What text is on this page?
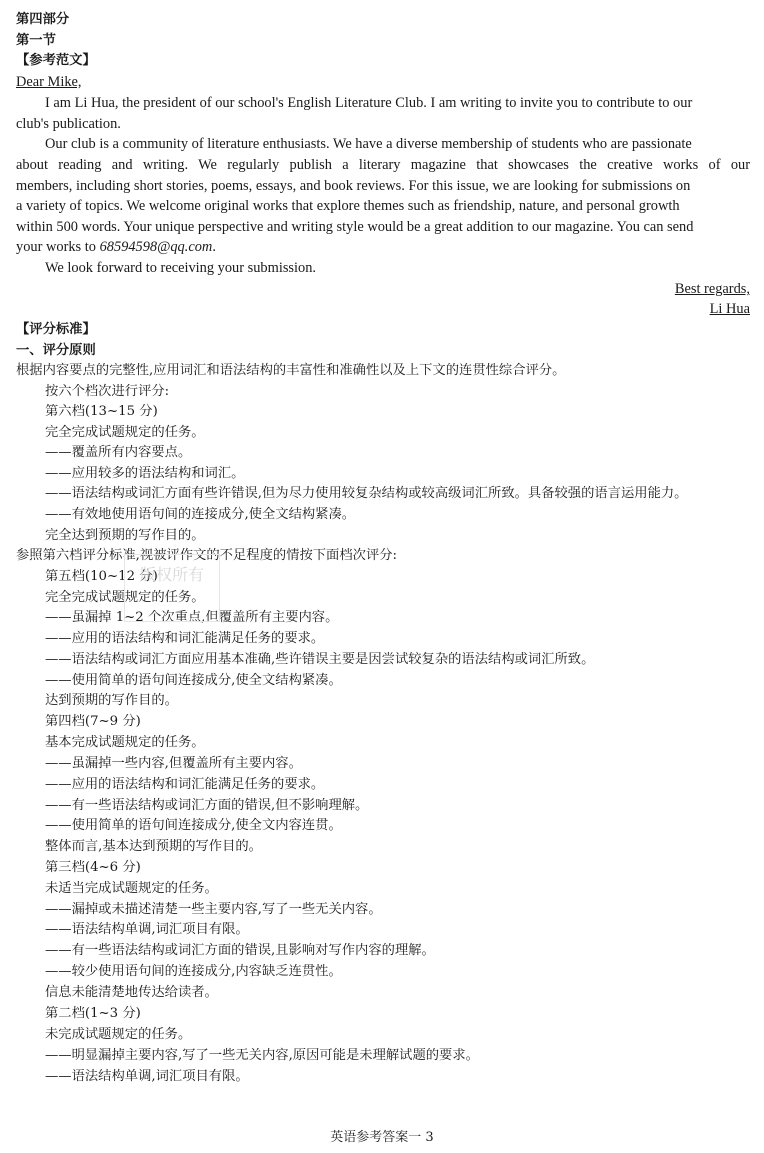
第四部分
第一节
【参考范文】
Dear Mike,
I am Li Hua, the president of our school's English Literature Club. I am writing to invite you to contribute to our
club's publication.
Our club is a community of literature enthusiasts. We have a diverse membership of students who are passionate
about reading and writing. We regularly publish a literary magazine that showcases the creative works of our
members, including short stories, poems, essays, and book reviews. For this issue, we are looking for submissions on
a variety of topics. We welcome original works that explore themes such as friendship, nature, and personal growth
within 500 words. Your unique perspective and writing style would be a great addition to our magazine. You can send
your works to 68594598@qq.com.
We look forward to receiving your submission.
Best regards,
Li Hua
【评分标准】
一、评分原则
根据内容要点的完整性,应用词汇和语法结构的丰富性和准确性以及上下文的连贯性综合评分。
按六个档次进行评分:
第六档(13~15 分)
完全完成试题规定的任务。
——覆盖所有内容要点。
——应用较多的语法结构和词汇。
——语法结构或词汇方面有些许错误,但为尽力使用较复杂结构或较高级词汇所致。具备较强的语言运用能力。
——有效地使用语句间的连接成分,使全文结构紧凑。
完全达到预期的写作目的。
参照第六档评分标准,视被评作文的不足程度的情按下面档次评分:
第五档(10~12 分)
完全完成试题规定的任务。
——虽漏掉 1~2 个次重点,但覆盖所有主要内容。
——应用的语法结构和词汇能满足任务的要求。
——语法结构或词汇方面应用基本准确,些许错误主要是因尝试较复杂的语法结构或词汇所致。
——使用简单的语句间连接成分,使全文结构紧凑。
达到预期的写作目的。
第四档(7~9 分)
基本完成试题规定的任务。
——虽漏掉一些内容,但覆盖所有主要内容。
——应用的语法结构和词汇能满足任务的要求。
——有一些语法结构或词汇方面的错误,但不影响理解。
——使用简单的语句间连接成分,使全文内容连贯。
整体而言,基本达到预期的写作目的。
第三档(4~6 分)
未适当完成试题规定的任务。
——漏掉或未描述清楚一些主要内容,写了一些无关内容。
——语法结构单调,词汇项目有限。
——有一些语法结构或词汇方面的错误,且影响对写作内容的理解。
——较少使用语句间的连接成分,内容缺乏连贯性。
信息未能清楚地传达给读者。
第二档(1~3 分)
未完成试题规定的任务。
——明显漏掉主要内容,写了一些无关内容,原因可能是未理解试题的要求。
——语法结构单调,词汇项目有限。
版权所有
英语参考答案一 3
